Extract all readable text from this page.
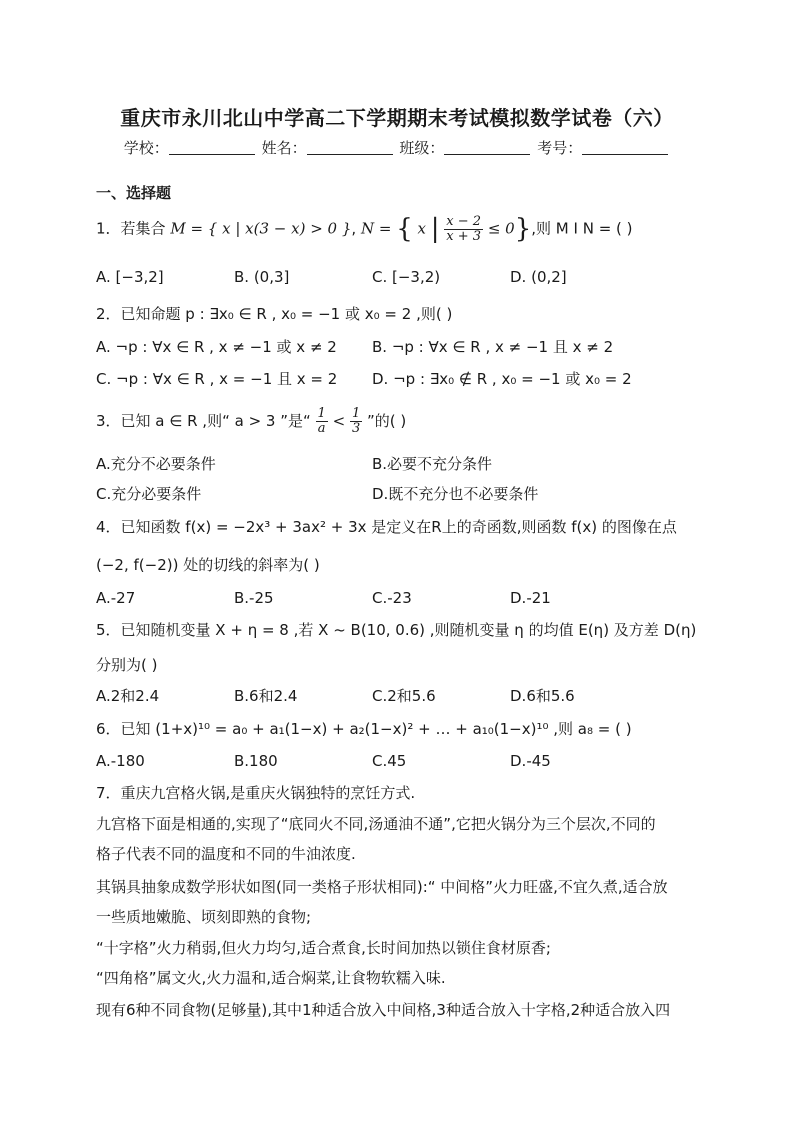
重庆市永川北山中学高二下学期期末考试模拟数学试卷（六）
学校：	姓名：	班级：	考号：
一、选择题
1．若集合 M = { x | x(3 − x) > 0 }, N = { x | $\frac{x - 2}{x + 3} \le 0$},则 M I N = ( )
A. [−3,2]	B. (0,3]	C. [−3,2)	D. (0,2]
2．已知命题 p : ∃x₀ ∈ R , x₀ = −1 或 x₀ = 2 ,则( )
A. ¬p : ∀x ∈ R , x ≠ −1 或 x ≠ 2 B. ¬p : ∀x ∈ R , x ≠ −1 且 x ≠ 2
C. ¬p : ∀x ∈ R , x = −1 且 x = 2 D. ¬p : ∃x₀ ∉ R , x₀ = −1 或 x₀ = 2
3．已知 a ∈ R ,则“ a > 3 ”是“ $\frac{1}{a} < \frac{1}{3}$ ”的( )
A.充分不必要条件	B.必要不充分条件
C.充分必要条件	D.既不充分也不必要条件
4．已知函数 f(x) = −2x³ + 3ax² + 3x 是定义在R上的奇函数,则函数 f(x) 的图像在点
(−2, f(−2)) 处的切线的斜率为( )
A.-27	B.-25	C.-23	D.-21
5．已知随机变量 X + η = 8 ,若 X ~ B(10, 0.6) ,则随机变量 η 的均值 E(η) 及方差 D(η)
分别为( )
A.2和2.4	B.6和2.4	C.2和5.6	D.6和5.6
6．已知 (1+x)¹⁰ = a₀ + a₁(1−x) + a₂(1−x)² + … + a₁₀(1−x)¹⁰ ,则 a₈ = ( )
A.-180	B.180	C.45	D.-45
7．重庆九宫格火锅,是重庆火锅独特的烹饪方式.
九宫格下面是相通的,实现了“底同火不同,汤通油不通”,它把火锅分为三个层次,不同的
格子代表不同的温度和不同的牛油浓度.
其锅具抽象成数学形状如图(同一类格子形状相同):“ 中间格”火力旺盛,不宜久煮,适合放
一些质地嫩脆、顷刻即熟的食物;
“十字格”火力稍弱,但火力均匀,适合煮食,长时间加热以锁住食材原香;
“四角格”属文火,火力温和,适合焖菜,让食物软糯入味.
现有6种不同食物(足够量),其中1种适合放入中间格,3种适合放入十字格,2种适合放入四
